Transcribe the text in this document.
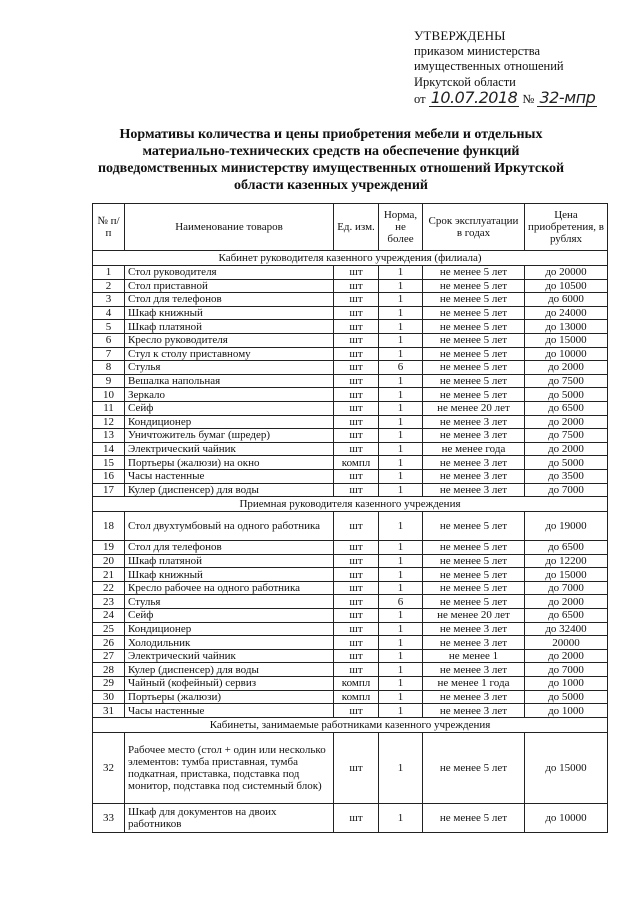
УТВЕРЖДЕНЫ
приказом министерства
имущественных отношений
Иркутской области
от 10.07.2018 № 32-мпр
Нормативы количества и цены приобретения мебели и отдельных материально-технических средств на обеспечение функций подведомственных министерству имущественных отношений Иркутской области казенных учреждений
№ п/п	Наименование товаров	Ед. изм.	Норма, не более	Срок эксплуатации в годах	Цена приобретения, в рублях
Кабинет руководителя казенного учреждения (филиала)					
1	Стол руководителя	шт	1	не менее 5 лет	до 20000
2	Стол приставной	шт	1	не менее 5 лет	до 10500
3	Стол для телефонов	шт	1	не менее 5 лет	до 6000
4	Шкаф книжный	шт	1	не менее 5 лет	до 24000
5	Шкаф платяной	шт	1	не менее 5 лет	до 13000
6	Кресло руководителя	шт	1	не менее 5 лет	до 15000
7	Стул к столу приставному	шт	1	не менее 5 лет	до 10000
8	Стулья	шт	6	не менее 5 лет	до 2000
9	Вешалка напольная	шт	1	не менее 5 лет	до 7500
10	Зеркало	шт	1	не менее 5 лет	до 5000
11	Сейф	шт	1	не менее 20 лет	до 6500
12	Кондиционер	шт	1	не менее 3 лет	до 2000
13	Уничтожитель бумаг (шредер)	шт	1	не менее 3 лет	до 7500
14	Электрический чайник	шт	1	не менее года	до 2000
15	Портьеры (жалюзи) на окно	компл	1	не менее 3 лет	до 5000
16	Часы настенные	шт	1	не менее 3 лет	до 3500
17	Кулер (диспенсер) для воды	шт	1	не менее 3 лет	до 7000
Приемная руководителя казенного учреждения					
18	Стол двухтумбовый на одного работника	шт	1	не менее 5 лет	до 19000
19	Стол для телефонов	шт	1	не менее 5 лет	до 6500
20	Шкаф платяной	шт	1	не менее 5 лет	до 12200
21	Шкаф книжный	шт	1	не менее 5 лет	до 15000
22	Кресло рабочее на одного работника	шт	1	не менее 5 лет	до 7000
23	Стулья	шт	6	не менее 5 лет	до 2000
24	Сейф	шт	1	не менее 20 лет	до 6500
25	Кондиционер	шт	1	не менее 3 лет	до 32400
26	Холодильник	шт	1	не менее 3 лет	20000
27	Электрический чайник	шт	1	не менее 1	до 2000
28	Кулер (диспенсер) для воды	шт	1	не менее 3 лет	до 7000
29	Чайный (кофейный) сервиз	компл	1	не менее 1 года	до 1000
30	Портьеры (жалюзи)	компл	1	не менее 3 лет	до 5000
31	Часы настенные	шт	1	не менее 3 лет	до 1000
Кабинеты, занимаемые работниками казенного учреждения					
32	Рабочее место (стол + один или несколько элементов: тумба приставная, тумба подкатная, приставка, подставка под монитор, подставка под системный блок)	шт	1	не менее 5 лет	до 15000
33	Шкаф для документов на двоих работников	шт	1	не менее 5 лет	до 10000
